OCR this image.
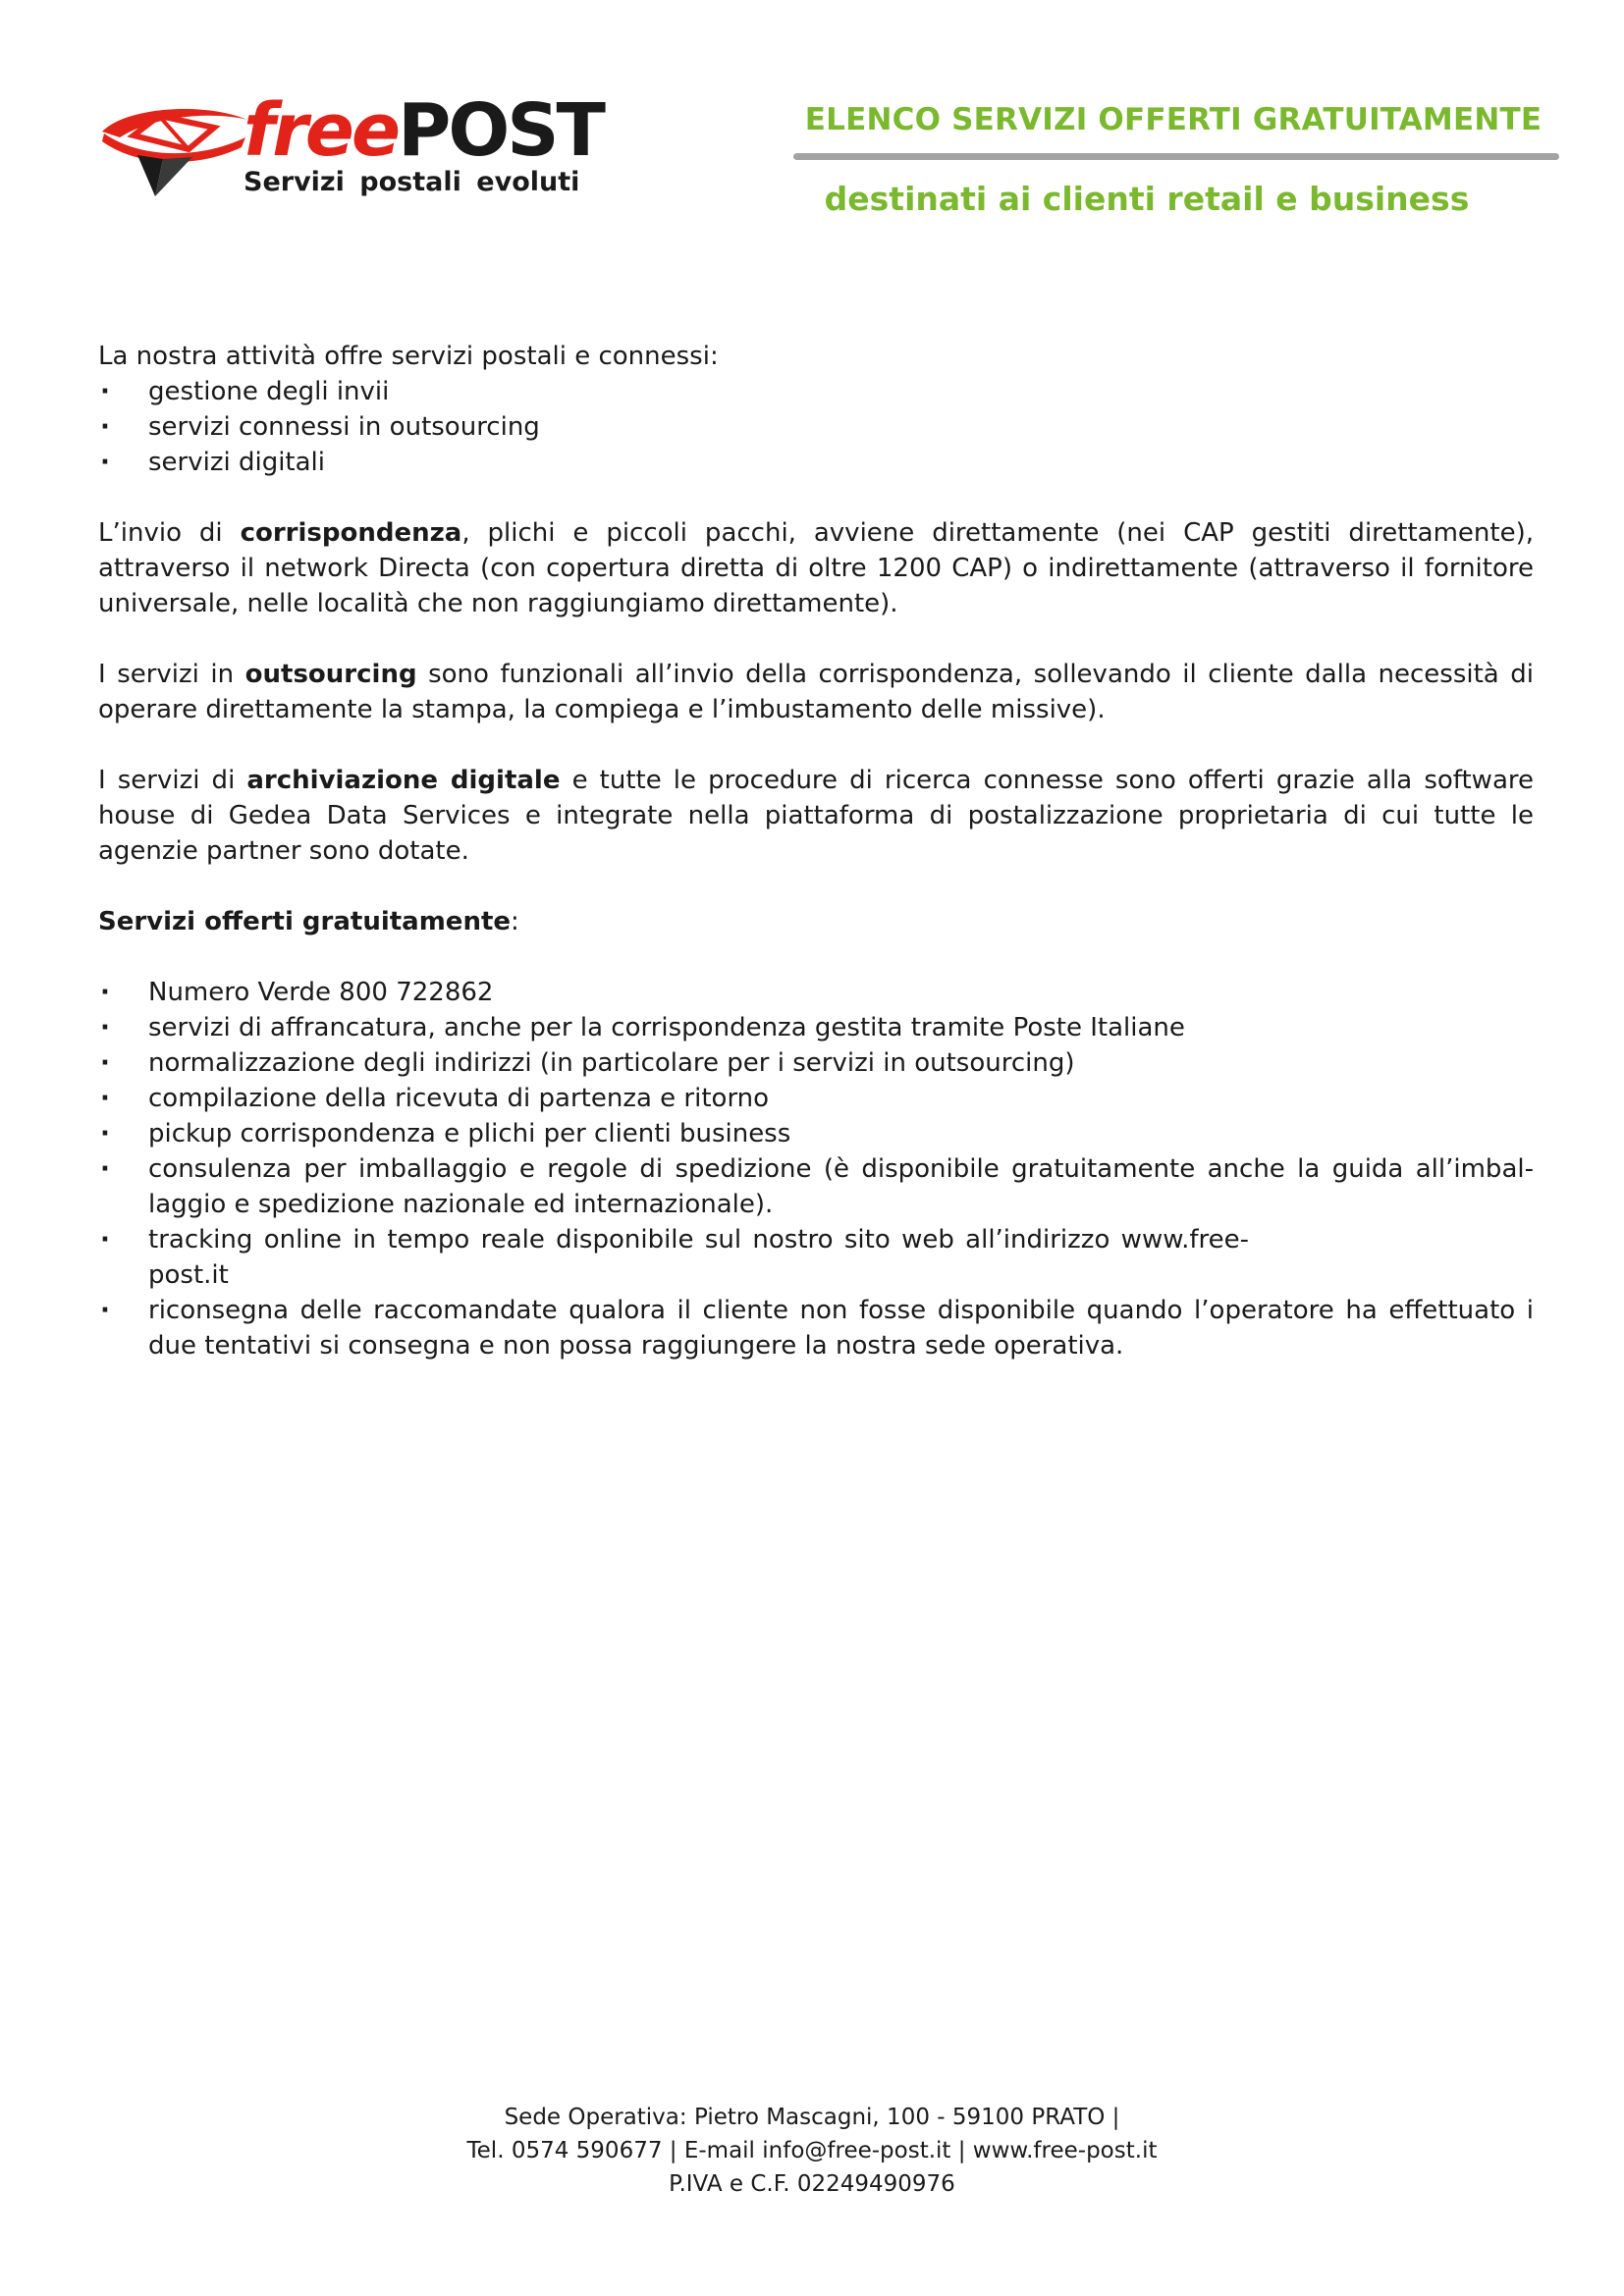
freePOST
Servizi postali evoluti
ELENCO SERVIZI OFFERTI GRATUITAMENTE
destinati ai clienti retail e business

La nostra attività offre servizi postali e connessi:

· gestione degli invii
· servizi connessi in outsourcing
· servizi digitali

L’invio di corrispondenza, plichi e piccoli pacchi, avviene direttamente (nei CAP gestiti direttamente), attraverso il network Directa (con copertura diretta di oltre 1200 CAP) o indirettamente (attraverso il fornitore universale, nelle località che non raggiungiamo direttamente).

I servizi in outsourcing sono funzionali all’invio della corrispondenza, sollevando il cliente dalla necessità di operare direttamente la stampa, la compiega e l’imbustamento delle missive).

I servizi di archiviazione digitale e tutte le procedure di ricerca connesse sono offerti grazie alla software house di Gedea Data Services e integrate nella piattaforma di postalizzazione proprietaria di cui tutte le agenzie partner sono dotate.

Servizi offerti gratuitamente:

· Numero Verde 800 722862
· servizi di affrancatura, anche per la corrispondenza gestita tramite Poste Italiane
· normalizzazione degli indirizzi (in particolare per i servizi in outsourcing)
· compilazione della ricevuta di partenza e ritorno
· pickup corrispondenza e plichi per clienti business
· consulenza per imballaggio e regole di spedizione (è disponibile gratuitamente anche la guida all’imballaggio e spedizione nazionale ed internazionale).
· tracking online in tempo reale disponibile sul nostro sito web all’indirizzo www.free-post.it
· riconsegna delle raccomandate qualora il cliente non fosse disponibile quando l’operatore ha effettuato i due tentativi si consegna e non possa raggiungere la nostra sede operativa.
Sede Operativa: Pietro Mascagni, 100 - 59100 PRATO |
Tel. 0574 590677 | E-mail info@free-post.it | www.free-post.it
P.IVA e C.F. 02249490976
